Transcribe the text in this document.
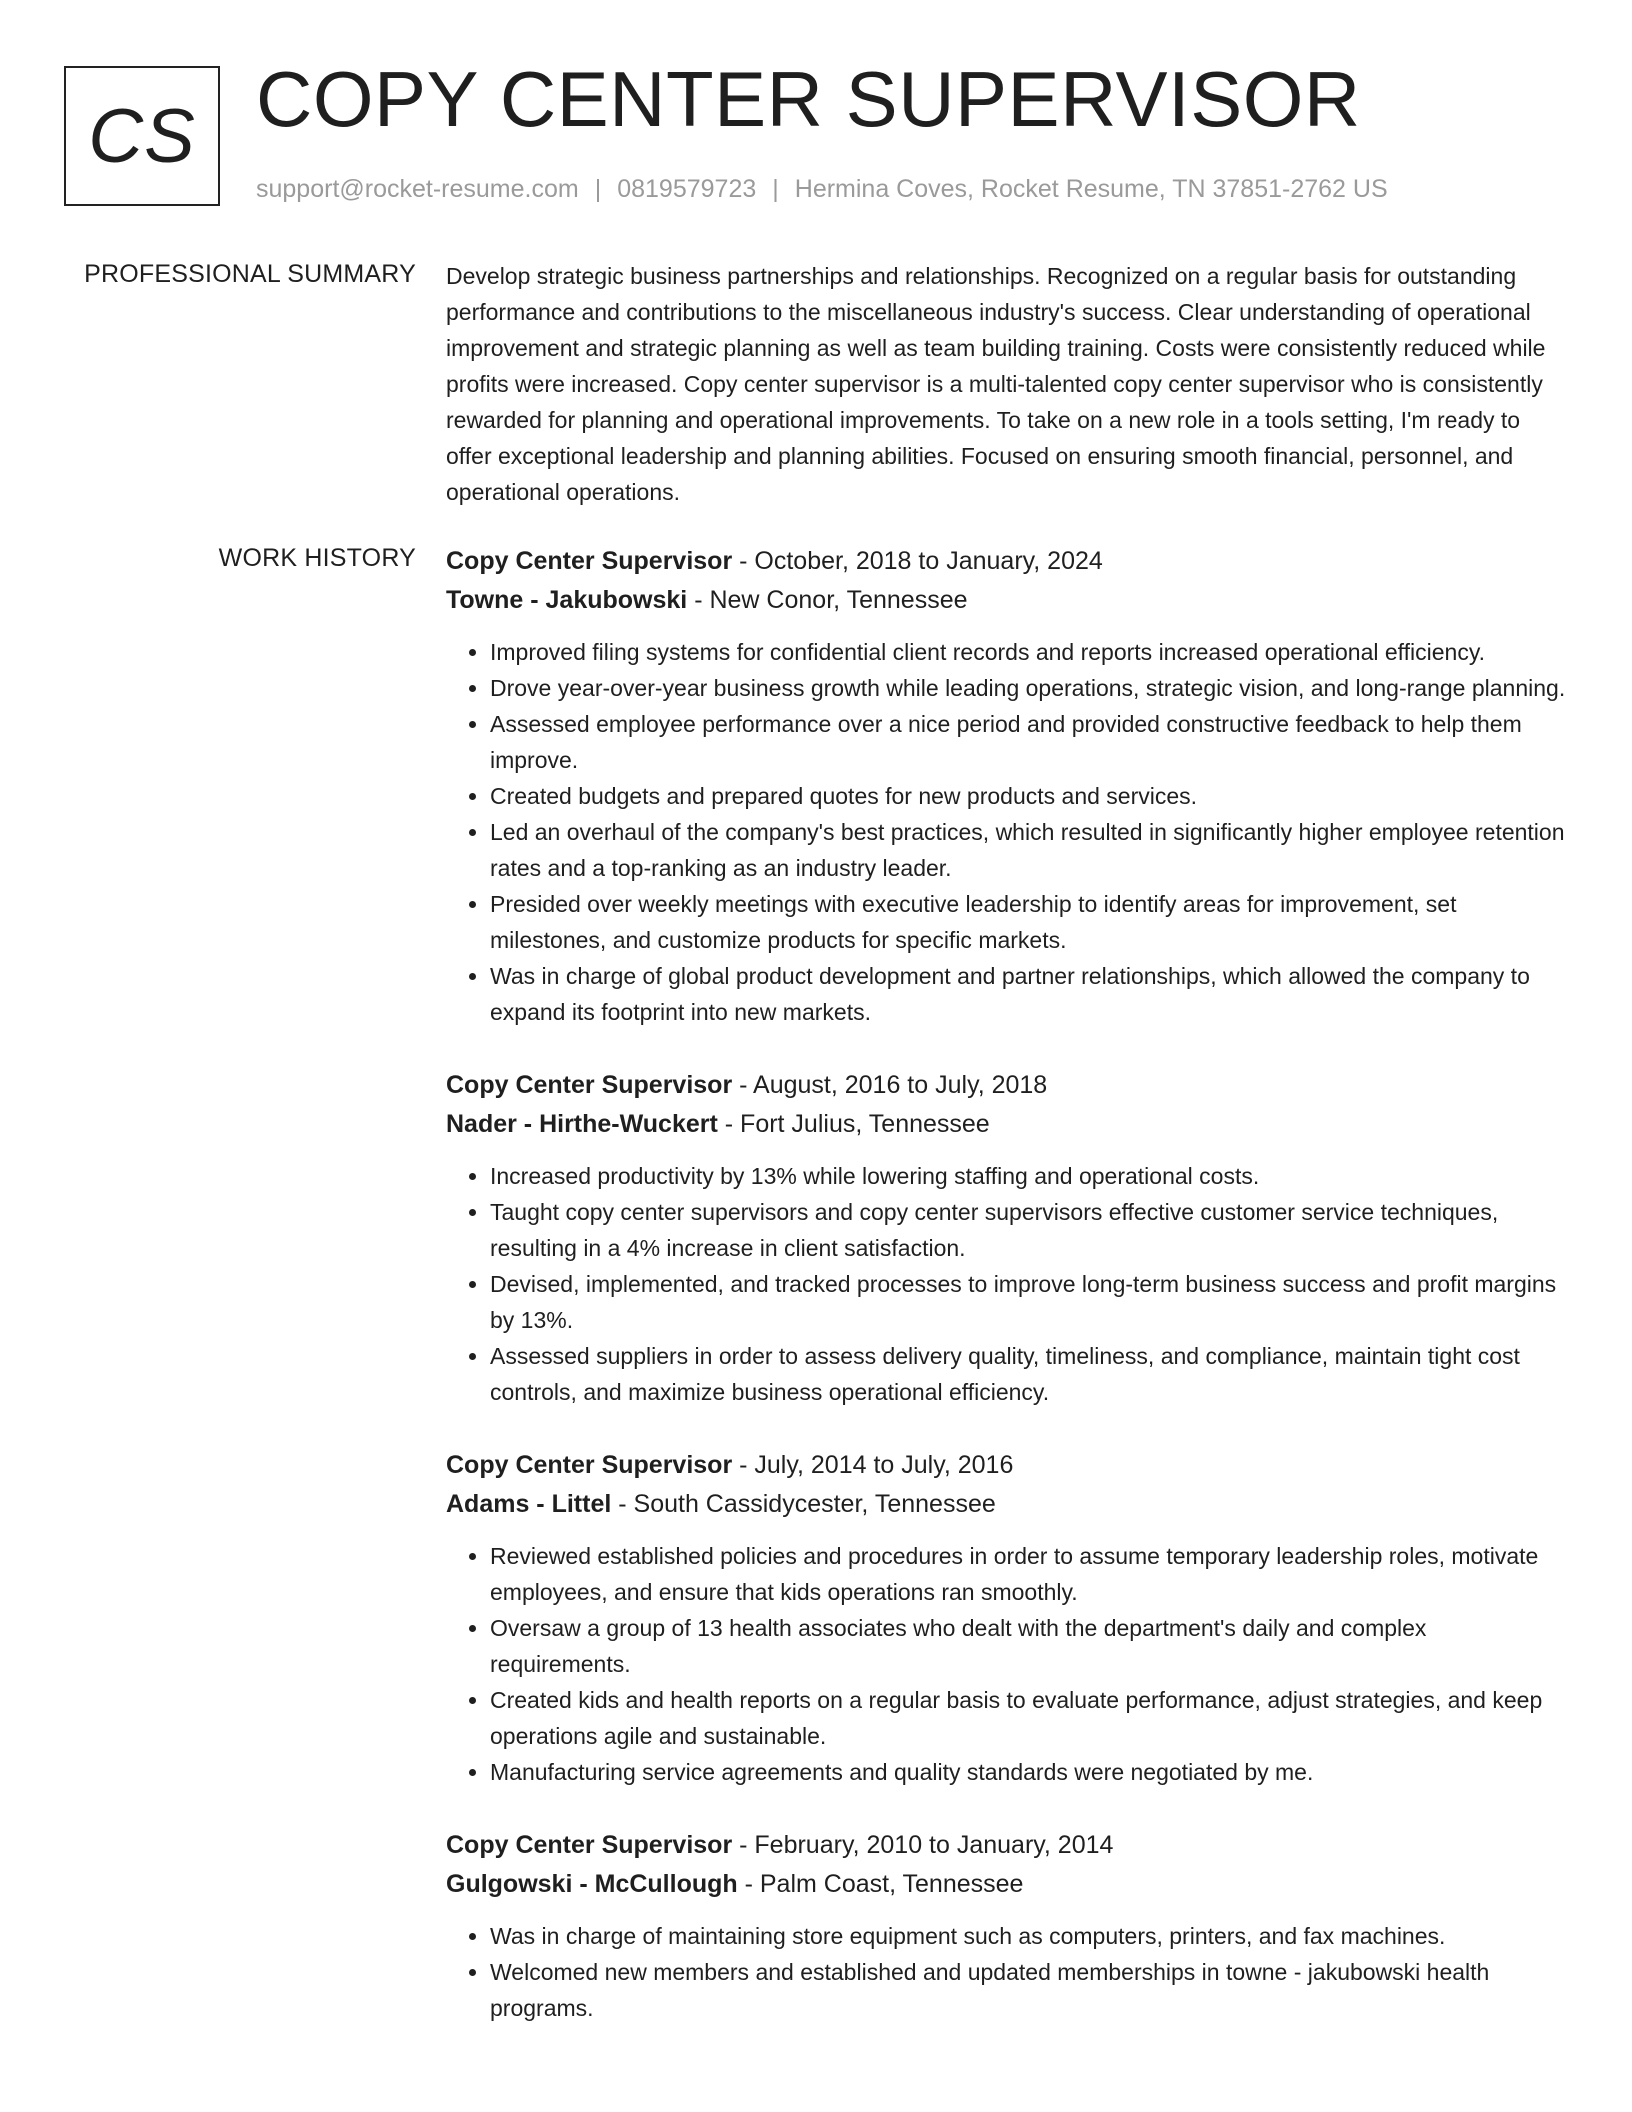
CS COPY CENTER SUPERVISOR
support@rocket-resume.com | 0819579723 | Hermina Coves, Rocket Resume, TN 37851-2762 US
PROFESSIONAL SUMMARY Develop strategic business partnerships and relationships. Recognized on a regular basis for outstanding performance and contributions to the miscellaneous industry's success. Clear understanding of operational improvement and strategic planning as well as team building training. Costs were consistently reduced while profits were increased. Copy center supervisor is a multi-talented copy center supervisor who is consistently rewarded for planning and operational improvements. To take on a new role in a tools setting, I'm ready to offer exceptional leadership and planning abilities. Focused on ensuring smooth financial, personnel, and operational operations.

WORK HISTORY Copy Center Supervisor - October, 2018 to January, 2024
Towne - Jakubowski - New Conor, Tennessee
• Improved filing systems for confidential client records and reports increased operational efficiency.
• Drove year-over-year business growth while leading operations, strategic vision, and long-range planning.
• Assessed employee performance over a nice period and provided constructive feedback to help them improve.
• Created budgets and prepared quotes for new products and services.
• Led an overhaul of the company's best practices, which resulted in significantly higher employee retention rates and a top-ranking as an industry leader.
• Presided over weekly meetings with executive leadership to identify areas for improvement, set milestones, and customize products for specific markets.
• Was in charge of global product development and partner relationships, which allowed the company to expand its footprint into new markets.
Copy Center Supervisor - August, 2016 to July, 2018
Nader - Hirthe-Wuckert - Fort Julius, Tennessee
• Increased productivity by 13% while lowering staffing and operational costs.
• Taught copy center supervisors and copy center supervisors effective customer service techniques, resulting in a 4% increase in client satisfaction.
• Devised, implemented, and tracked processes to improve long-term business success and profit margins by 13%.
• Assessed suppliers in order to assess delivery quality, timeliness, and compliance, maintain tight cost controls, and maximize business operational efficiency.
Copy Center Supervisor - July, 2014 to July, 2016
Adams - Littel - South Cassidycester, Tennessee
• Reviewed established policies and procedures in order to assume temporary leadership roles, motivate employees, and ensure that kids operations ran smoothly.
• Oversaw a group of 13 health associates who dealt with the department's daily and complex requirements.
• Created kids and health reports on a regular basis to evaluate performance, adjust strategies, and keep operations agile and sustainable.
• Manufacturing service agreements and quality standards were negotiated by me.
Copy Center Supervisor - February, 2010 to January, 2014
Gulgowski - McCullough - Palm Coast, Tennessee
• Was in charge of maintaining store equipment such as computers, printers, and fax machines.
• Welcomed new members and established and updated memberships in towne - jakubowski health programs.
